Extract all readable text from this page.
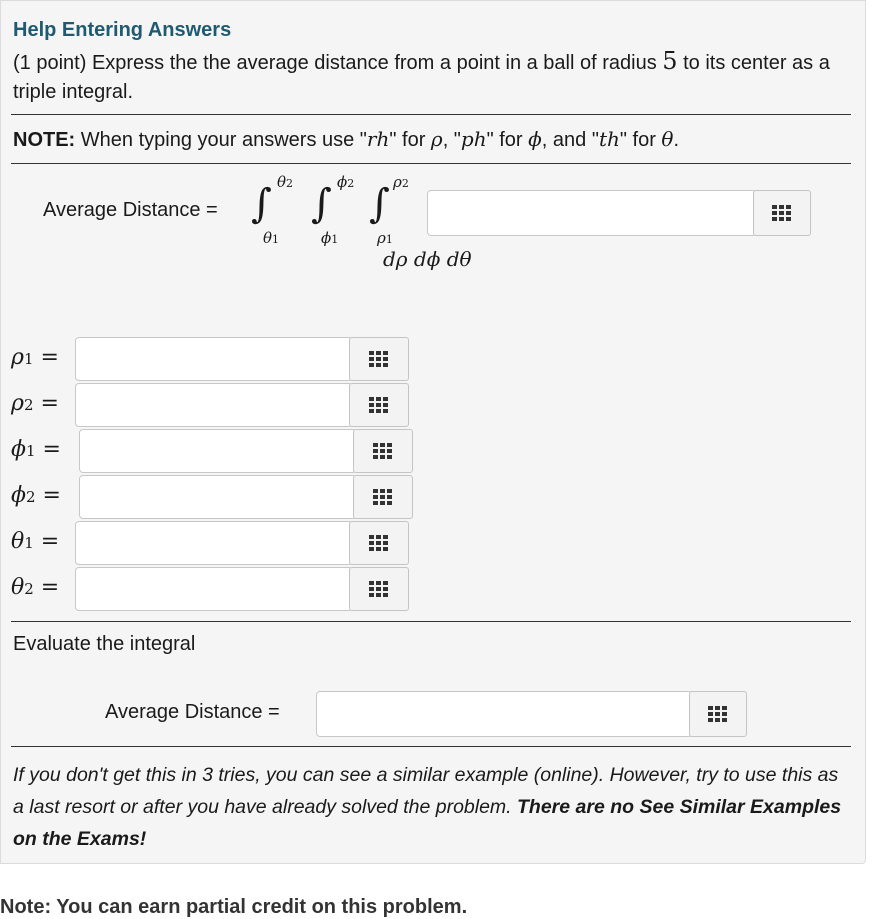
Help Entering Answers
(1 point) Express the the average distance from a point in a ball of radius 5 to its center as a triple integral.
NOTE: When typing your answers use "rh" for ρ, "ph" for ϕ, and "th" for θ.
Average Distance = ∫ θ2
θ1
∫ ϕ2
ϕ1
∫ ρ2
ρ1
dρ dϕ dθ
ρ1 =
ρ2 =
ϕ1 =
ϕ2 =
θ1 =
θ2 =
Evaluate the integral
Average Distance =
If you don't get this in 3 tries, you can see a similar example (online). However, try to use this as a last resort or after you have already solved the problem. There are no See Similar Examples on the Exams!
Note: You can earn partial credit on this problem.
